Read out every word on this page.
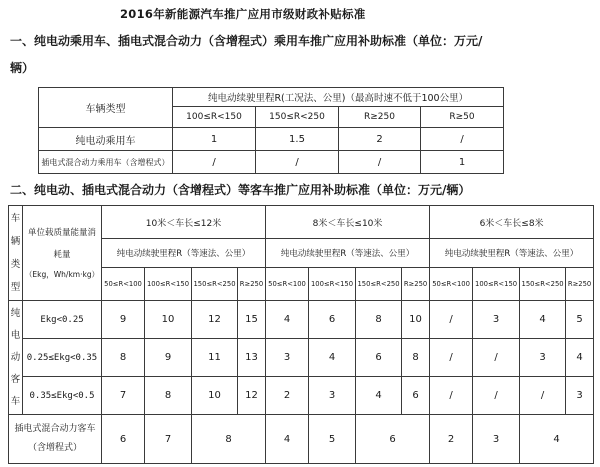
2016年新能源汽车推广应用市级财政补贴标准
一、纯电动乘用车、插电式混合动力（含增程式）乘用车推广应用补助标准（单位：万元/
辆）
车辆类型	纯电动续驶里程R(工况法、公里)（最高时速不低于100公里）			
	100≤R<150	150≤R<250	R≥250	R≥50
纯电动乘用车	1	1.5	2	/
插电式混合动力乘用车（含增程式）	/	/	/	1
二、纯电动、插电式混合动力（含增程式）等客车推广应用补助标准（单位：万元/辆）
车辆类型	单位载质量能量消耗量
（Ekg，Wh/km·kg）	10米＜车长≤12米				8米＜车长≤10米				6米＜车长≤8米			
		纯电动续驶里程R（等速法、公里）				纯电动续驶里程R（等速法、公里）				纯电动续驶里程R（等速法、公里）			
		50≤R<100	100≤R<150	150≤R<250	R≥250	50≤R<100	100≤R<150	150≤R<250	R≥250	50≤R<100	100≤R<150	150≤R<250	R≥250

纯电动客车	Ekg<0.25	9	10	12	15	4	6	8	10	/	3	4	5
	0.25≤Ekg<0.35	8	9	11	13	3	4	6	8	/	/	3	4
	0.35≤Ekg<0.5	7	8	10	12	2	3	4	6	/	/	/	3
插电式混合动力客车（含增程式）		6	7	8		4	5	6		2	3	4	
